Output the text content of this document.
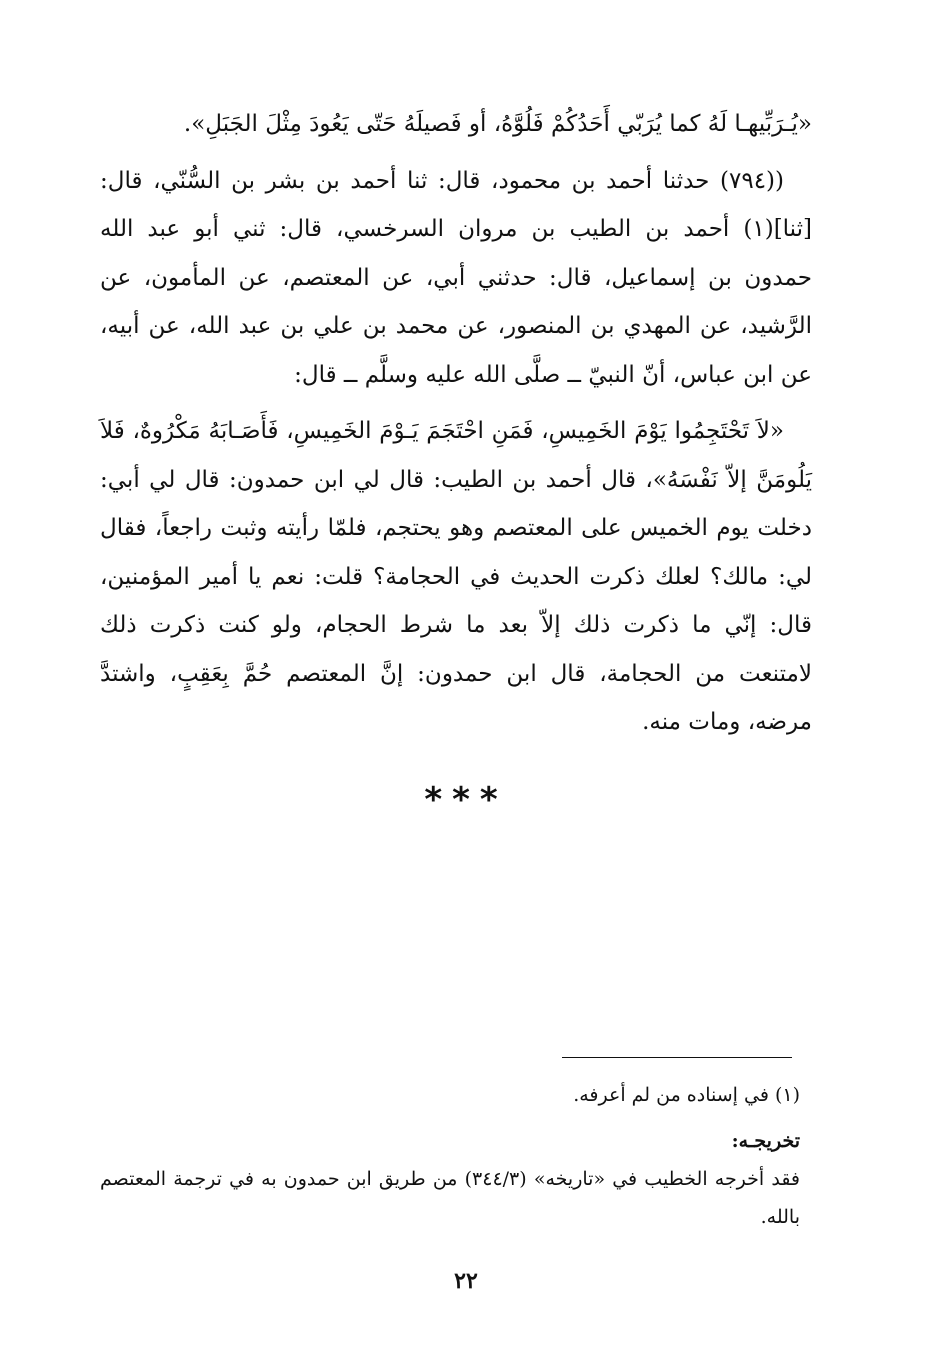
«يُـرَبِّيهـا لَهُ كما يُرَبّي أَحَدُكُمْ فَلُوَّهُ، أو فَصيلَهُ حَتّى يَعُودَ مِثْلَ الجَبَلِ».

((٧٩٤) حدثنا أحمد بن محمود، قال: ثنا أحمد بن بشر بن السُّنّي، قال: [ثنا](١) أحمد بن الطيب بن مروان السرخسي، قال: ثني أبو عبد الله حمدون بن إسماعيل، قال: حدثني أبي، عن المعتصم، عن المأمون، عن الرَّشيد، عن المهدي بن المنصور، عن محمد بن علي بن عبد الله، عن أبيه، عن ابن عباس، أنّ النبيّ ــ صلَّى الله عليه وسلَّم ــ قال:

«لاَ تَحْتَجِمُوا يَوْمَ الخَمِيسِ، فَمَنِ احْتَجَمَ يَـوْمَ الخَمِيسِ، فَأَصَـابَهُ مَكْرُوهٌ، فَلاَ يَلُومَنَّ إلاّ نَفْسَهُ»، قال أحمد بن الطيب: قال لي ابن حمدون: قال لي أبي: دخلت يوم الخميس على المعتصم وهو يحتجم، فلمّا رأيته وثبت راجعاً، فقال لي: مالك؟ لعلك ذكرت الحديث في الحجامة؟ قلت: نعم يا أمير المؤمنين، قال: إنّي ما ذكرت ذلك إلاّ بعد ما شرط الحجام، ولو كنت ذكرت ذلك لامتنعت من الحجامة، قال ابن حمدون: إنَّ المعتصم حُمَّ بِعَقِبٍ، واشتدَّ مرضه، ومات منه.

***

(١) في إسناده من لم أعرفه.

تخريجـه:

فقد أخرجه الخطيب في «تاريخه» (٣٤٤/٣) من طريق ابن حمدون به في ترجمة المعتصم بالله.

٢٢
